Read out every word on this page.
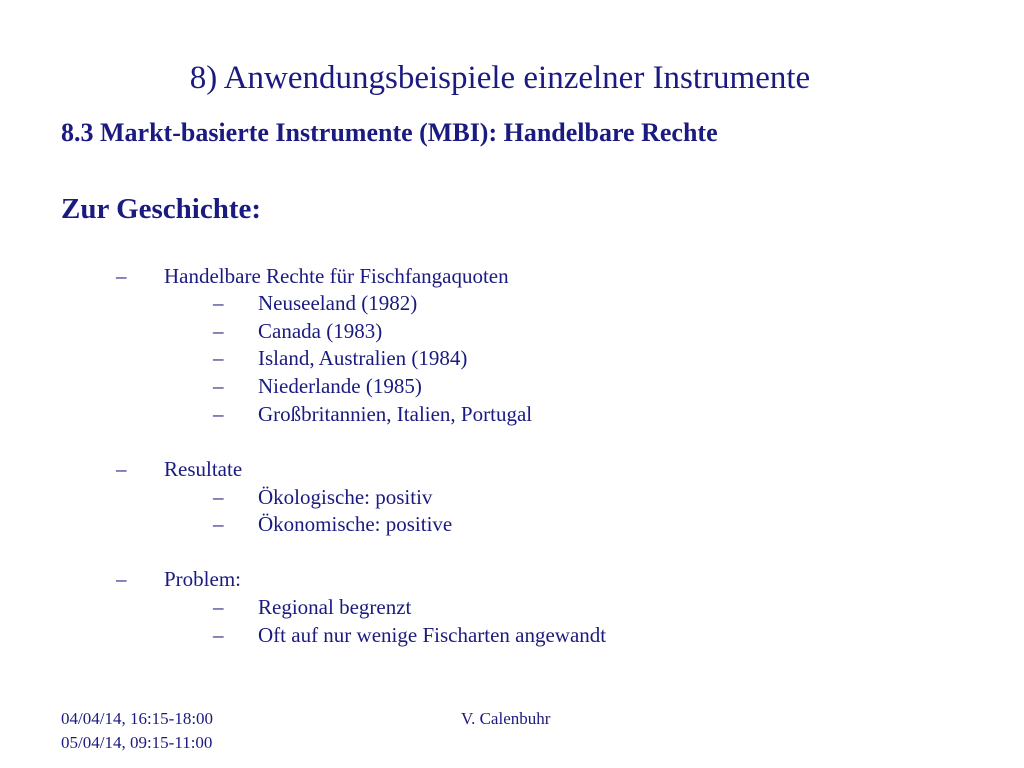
8) Anwendungsbeispiele einzelner Instrumente
8.3 Markt-basierte Instrumente (MBI): Handelbare Rechte
Zur Geschichte:
– Handelbare Rechte für Fischfangaquoten
– Neuseeland (1982)
– Canada (1983)
– Island, Australien (1984)
– Niederlande (1985)
– Großbritannien, Italien, Portugal
– Resultate
– Ökologische: positiv
– Ökonomische: positive
– Problem:
– Regional begrenzt
– Oft auf nur wenige Fischarten angewandt
04/04/14, 16:15-18:00
05/04/14, 09:15-11:00
V. Calenbuhr
